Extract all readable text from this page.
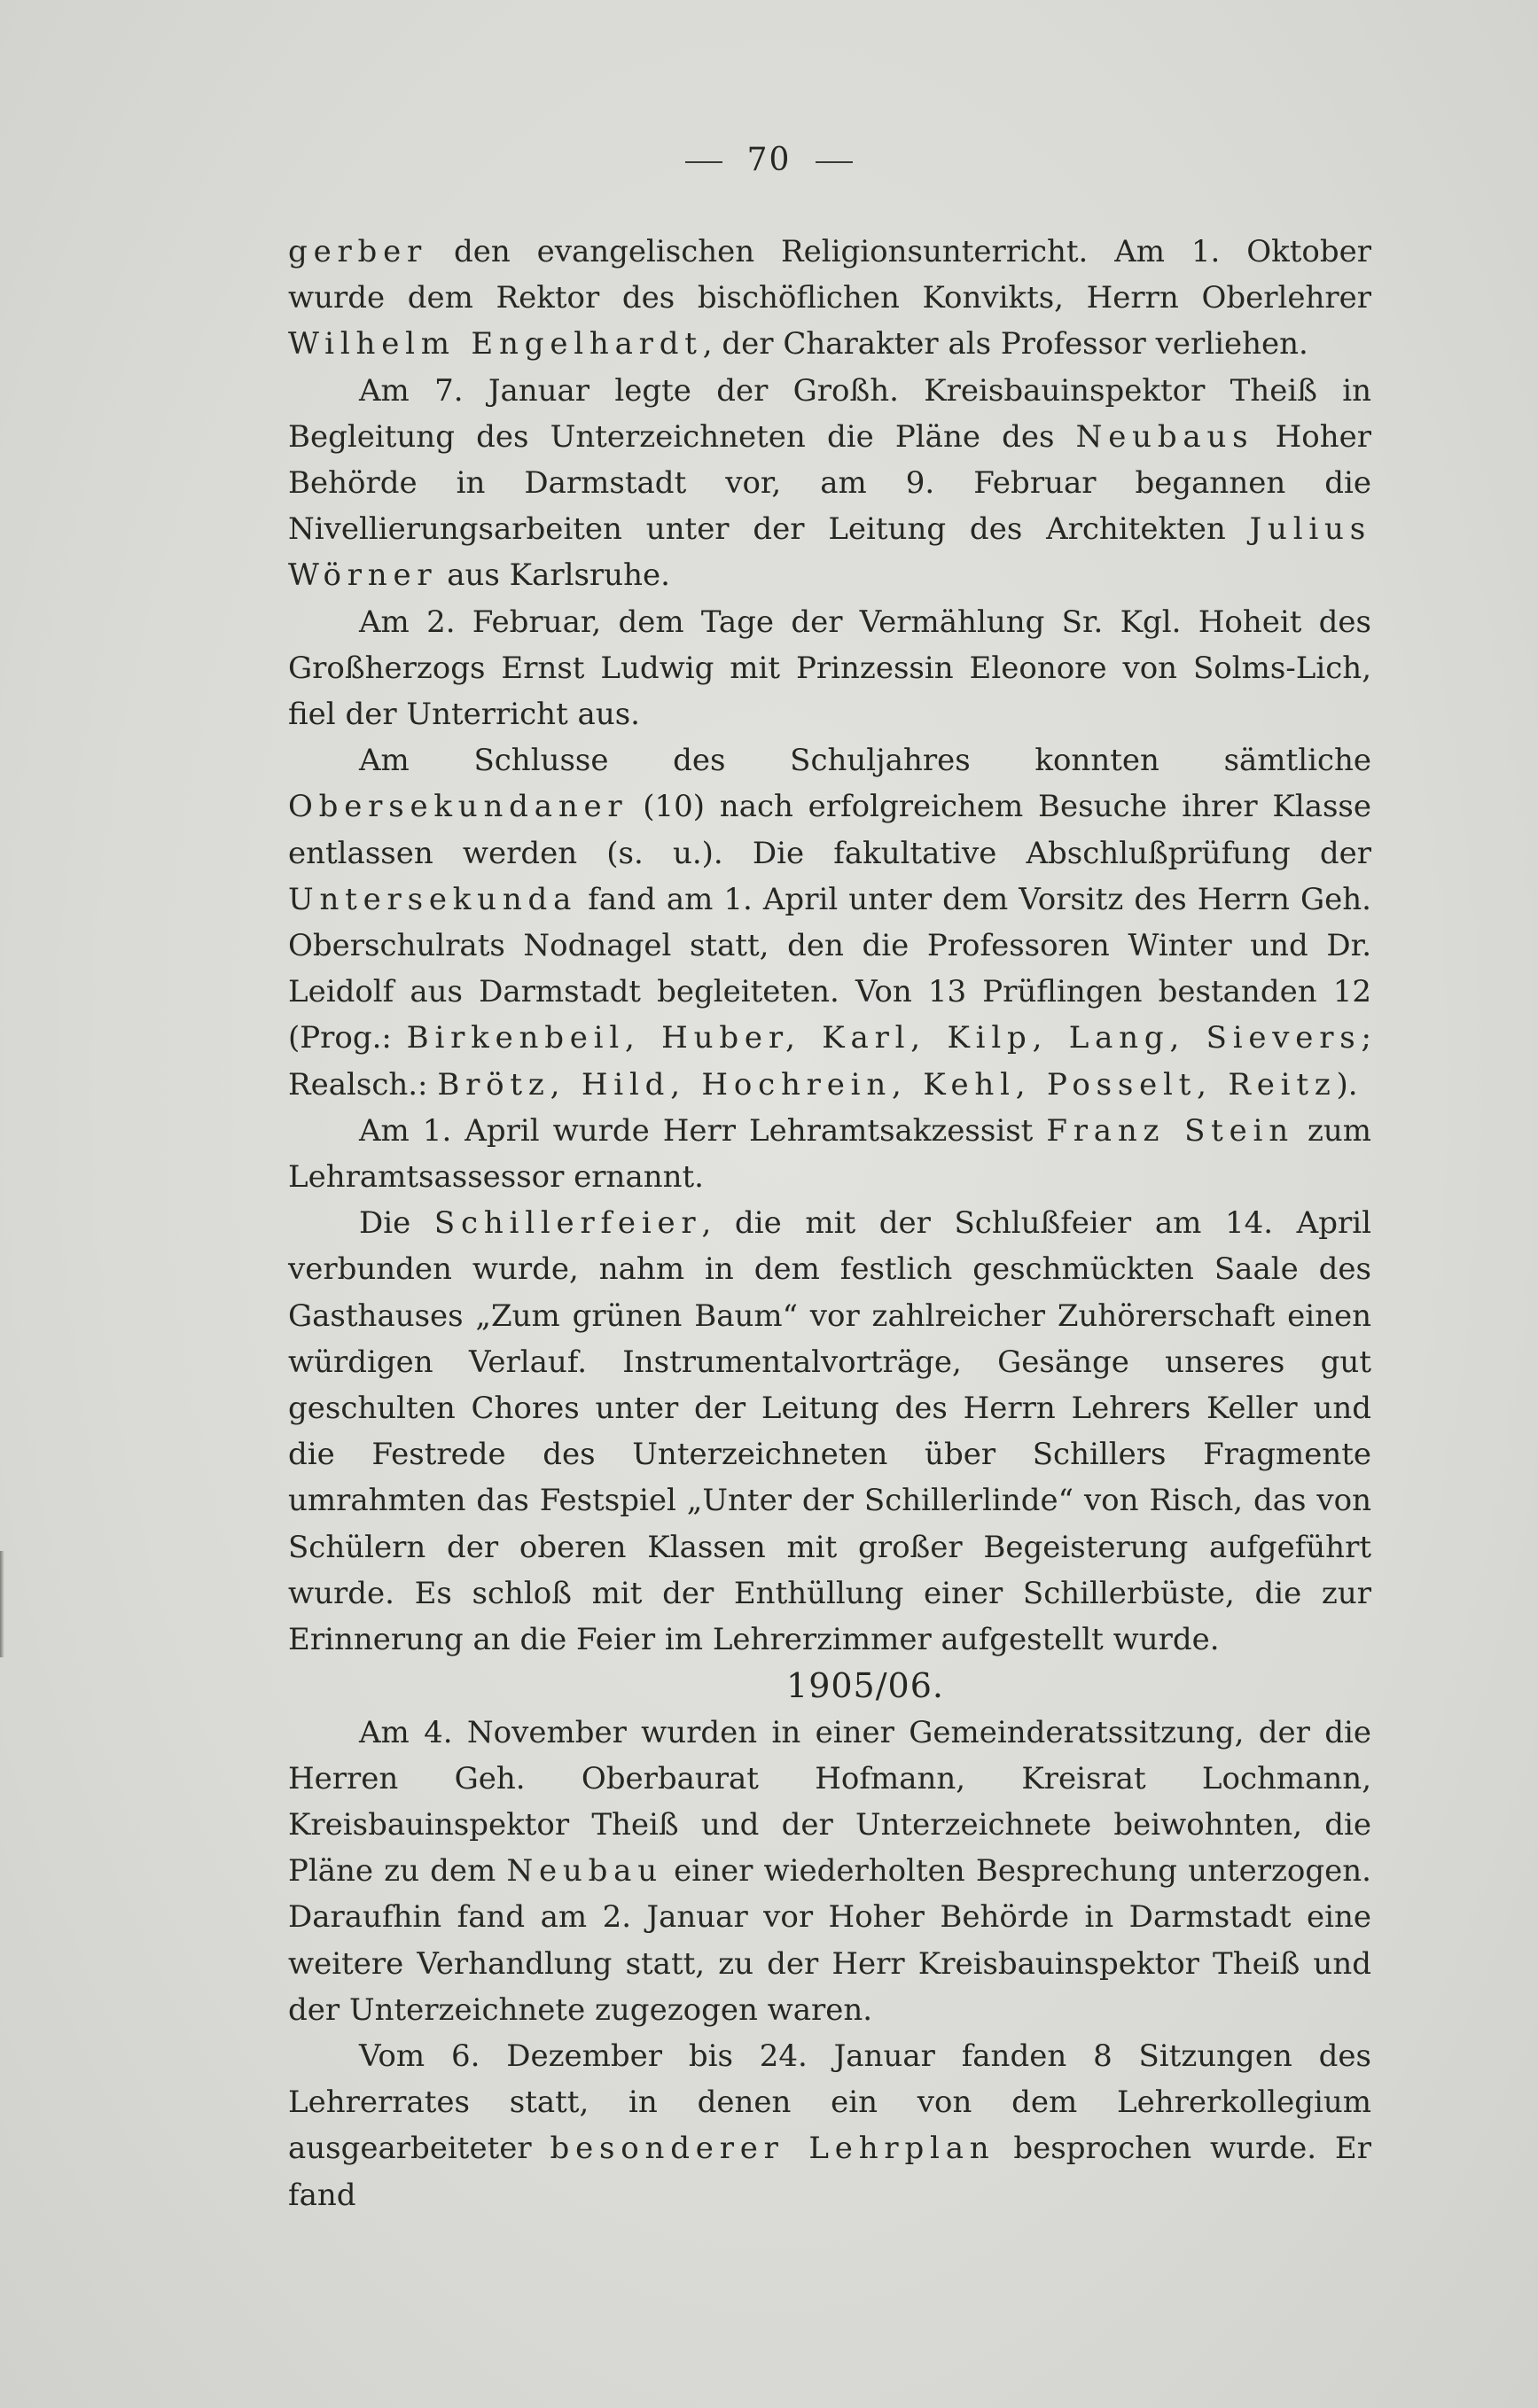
70

gerber den evangelischen Religionsunterricht. Am 1. Oktober wurde dem Rektor des bischöflichen Konvikts, Herrn Oberlehrer Wilhelm Engelhardt, der Charakter als Professor verliehen.

Am 7. Januar legte der Großh. Kreisbauinspektor Theiß in Begleitung des Unterzeichneten die Pläne des Neubaus Hoher Behörde in Darmstadt vor, am 9. Februar begannen die Nivellierungsarbeiten unter der Leitung des Architekten Julius Wörner aus Karlsruhe.

Am 2. Februar, dem Tage der Vermählung Sr. Kgl. Hoheit des Großherzogs Ernst Ludwig mit Prinzessin Eleonore von Solms-Lich, fiel der Unterricht aus.

Am Schlusse des Schuljahres konnten sämtliche Obersekundaner (10) nach erfolgreichem Besuche ihrer Klasse entlassen werden (s. u.). Die fakultative Abschlußprüfung der Untersekunda fand am 1. April unter dem Vorsitz des Herrn Geh. Oberschulrats Nodnagel statt, den die Professoren Winter und Dr. Leidolf aus Darmstadt begleiteten. Von 13 Prüflingen bestanden 12 (Prog.: Birkenbeil, Huber, Karl, Kilp, Lang, Sievers; Realsch.: Brötz, Hild, Hochrein, Kehl, Posselt, Reitz).

Am 1. April wurde Herr Lehramtsakzessist Franz Stein zum Lehramtsassessor ernannt.

Die Schillerfeier, die mit der Schlußfeier am 14. April verbunden wurde, nahm in dem festlich geschmückten Saale des Gasthauses „Zum grünen Baum“ vor zahlreicher Zuhörerschaft einen würdigen Verlauf. Instrumentalvorträge, Gesänge unseres gut geschulten Chores unter der Leitung des Herrn Lehrers Keller und die Festrede des Unterzeichneten über Schillers Fragmente umrahmten das Festspiel „Unter der Schillerlinde“ von Risch, das von Schülern der oberen Klassen mit großer Begeisterung aufgeführt wurde. Es schloß mit der Enthüllung einer Schillerbüste, die zur Erinnerung an die Feier im Lehrerzimmer aufgestellt wurde.

1905/06.

Am 4. November wurden in einer Gemeinderatssitzung, der die Herren Geh. Oberbaurat Hofmann, Kreisrat Lochmann, Kreisbauinspektor Theiß und der Unterzeichnete beiwohnten, die Pläne zu dem Neubau einer wiederholten Besprechung unterzogen. Daraufhin fand am 2. Januar vor Hoher Behörde in Darmstadt eine weitere Verhandlung statt, zu der Herr Kreisbauinspektor Theiß und der Unterzeichnete zugezogen waren.

Vom 6. Dezember bis 24. Januar fanden 8 Sitzungen des Lehrerrates statt, in denen ein von dem Lehrerkollegium ausgearbeiteter besonderer Lehrplan besprochen wurde. Er fand
